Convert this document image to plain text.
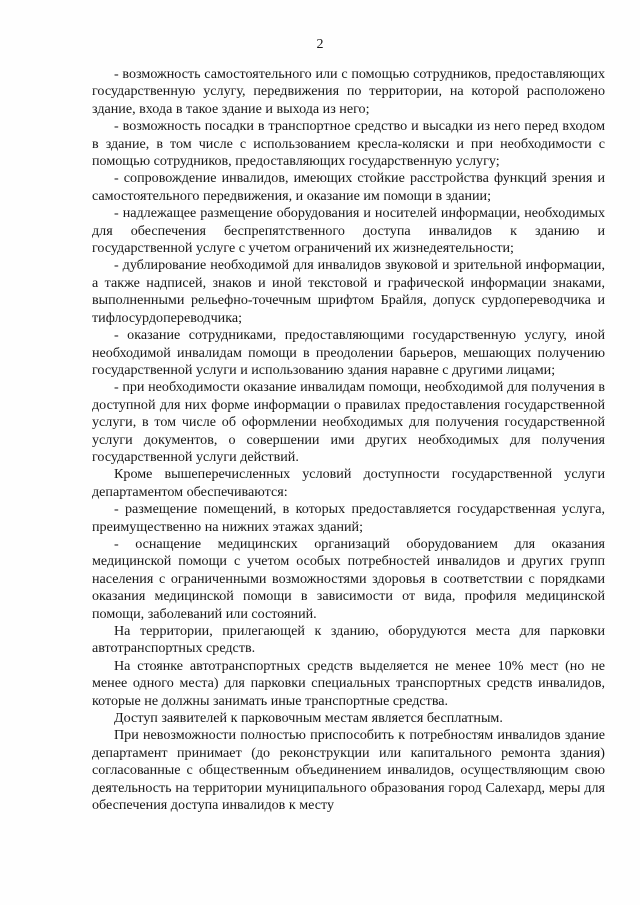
2

- возможность самостоятельного или с помощью сотрудников, предоставляющих государственную услугу, передвижения по территории, на которой расположено здание, входа в такое здание и выхода из него;

- возможность посадки в транспортное средство и высадки из него перед входом в здание, в том числе с использованием кресла-коляски и при необходимости с помощью сотрудников, предоставляющих государственную услугу;

- сопровождение инвалидов, имеющих стойкие расстройства функций зрения и самостоятельного передвижения, и оказание им помощи в здании;

- надлежащее размещение оборудования и носителей информации, необходимых для обеспечения беспрепятственного доступа инвалидов к зданию и государственной услуге с учетом ограничений их жизнедеятельности;

- дублирование необходимой для инвалидов звуковой и зрительной информации, а также надписей, знаков и иной текстовой и графической информации знаками, выполненными рельефно-точечным шрифтом Брайля, допуск сурдопереводчика и тифлосурдопереводчика;

- оказание сотрудниками, предоставляющими государственную услугу, иной необходимой инвалидам помощи в преодолении барьеров, мешающих получению государственной услуги и использованию здания наравне с другими лицами;

- при необходимости оказание инвалидам помощи, необходимой для получения в доступной для них форме информации о правилах предоставления государственной услуги, в том числе об оформлении необходимых для получения государственной услуги документов, о совершении ими других необходимых для получения государственной услуги действий.

Кроме вышеперечисленных условий доступности государственной услуги департаментом обеспечиваются:

- размещение помещений, в которых предоставляется государственная услуга, преимущественно на нижних этажах зданий;

- оснащение медицинских организаций оборудованием для оказания медицинской помощи с учетом особых потребностей инвалидов и других групп населения с ограниченными возможностями здоровья в соответствии с порядками оказания медицинской помощи в зависимости от вида, профиля медицинской помощи, заболеваний или состояний.

На территории, прилегающей к зданию, оборудуются места для парковки автотранспортных средств.

На стоянке автотранспортных средств выделяется не менее 10% мест (но не менее одного места) для парковки специальных транспортных средств инвалидов, которые не должны занимать иные транспортные средства.

Доступ заявителей к парковочным местам является бесплатным.

При невозможности полностью приспособить к потребностям инвалидов здание департамент принимает (до реконструкции или капитального ремонта здания) согласованные с общественным объединением инвалидов, осуществляющим свою деятельность на территории муниципального образования город Салехард, меры для обеспечения доступа инвалидов к месту
